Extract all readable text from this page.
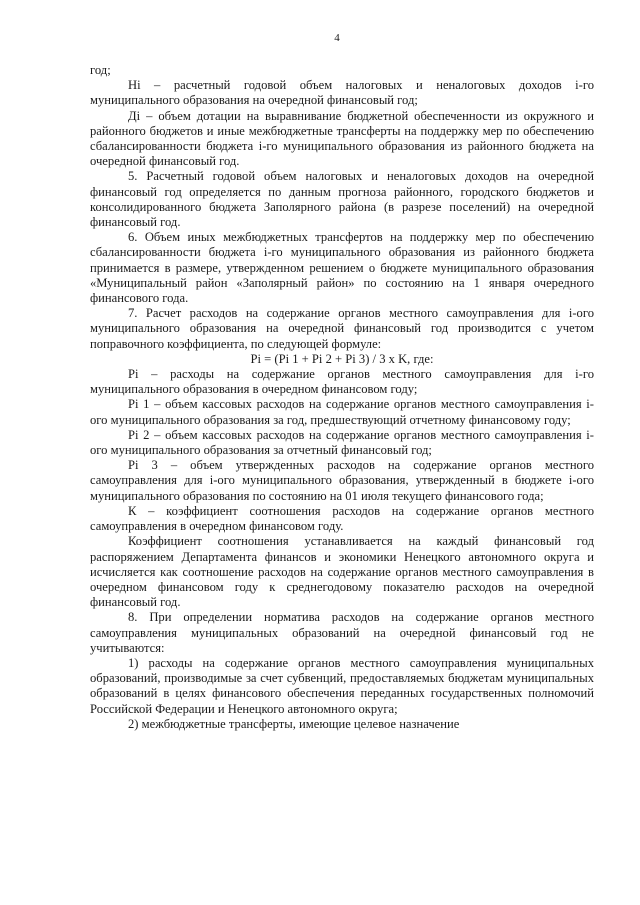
4

год;

Hi – расчетный годовой объем налоговых и неналоговых доходов i-го муниципального образования на очередной финансовый год;

Дi – объем дотации на выравнивание бюджетной обеспеченности из окружного и районного бюджетов и иные межбюджетные трансферты на поддержку мер по обеспечению сбалансированности бюджета i-го муниципального образования из районного бюджета на очередной финансовый год.

5. Расчетный годовой объем налоговых и неналоговых доходов на очередной финансовый год определяется по данным прогноза районного, городского бюджетов и консолидированного бюджета Заполярного района (в разрезе поселений) на очередной финансовый год.

6. Объем иных межбюджетных трансфертов на поддержку мер по обеспечению сбалансированности бюджета i-го муниципального образования из районного бюджета принимается в размере, утвержденном решением о бюджете муниципального образования «Муниципальный район «Заполярный район» по состоянию на 1 января очередного финансового года.

7. Расчет расходов на содержание органов местного самоуправления для i-ого муниципального образования на очередной финансовый год производится с учетом поправочного коэффициента, по следующей формуле:

Pi = (Pi 1 + Pi 2 + Pi 3) / 3 x K, где:

Pi – расходы на содержание органов местного самоуправления для i-го муниципального образования в очередном финансовом году;

Pi 1 – объем кассовых расходов на содержание органов местного самоуправления i-ого муниципального образования за год, предшествующий отчетному финансовому году;

Pi 2 – объем кассовых расходов на содержание органов местного самоуправления i-ого муниципального образования за отчетный финансовый год;

Pi 3 – объем утвержденных расходов на содержание органов местного самоуправления для i-ого муниципального образования, утвержденный в бюджете i-ого муниципального образования по состоянию на 01 июля текущего финансового года;

К – коэффициент соотношения расходов на содержание органов местного самоуправления в очередном финансовом году.

Коэффициент соотношения устанавливается на каждый финансовый год распоряжением Департамента финансов и экономики Ненецкого автономного округа и исчисляется как соотношение расходов на содержание органов местного самоуправления в очередном финансовом году к среднегодовому показателю расходов на очередной финансовый год.

8. При определении норматива расходов на содержание органов местного самоуправления муниципальных образований на очередной финансовый год не учитываются:

1) расходы на содержание органов местного самоуправления муниципальных образований, производимые за счет субвенций, предоставляемых бюджетам муниципальных образований в целях финансового обеспечения переданных государственных полномочий Российской Федерации и Ненецкого автономного округа;

2) межбюджетные трансферты, имеющие целевое назначение
